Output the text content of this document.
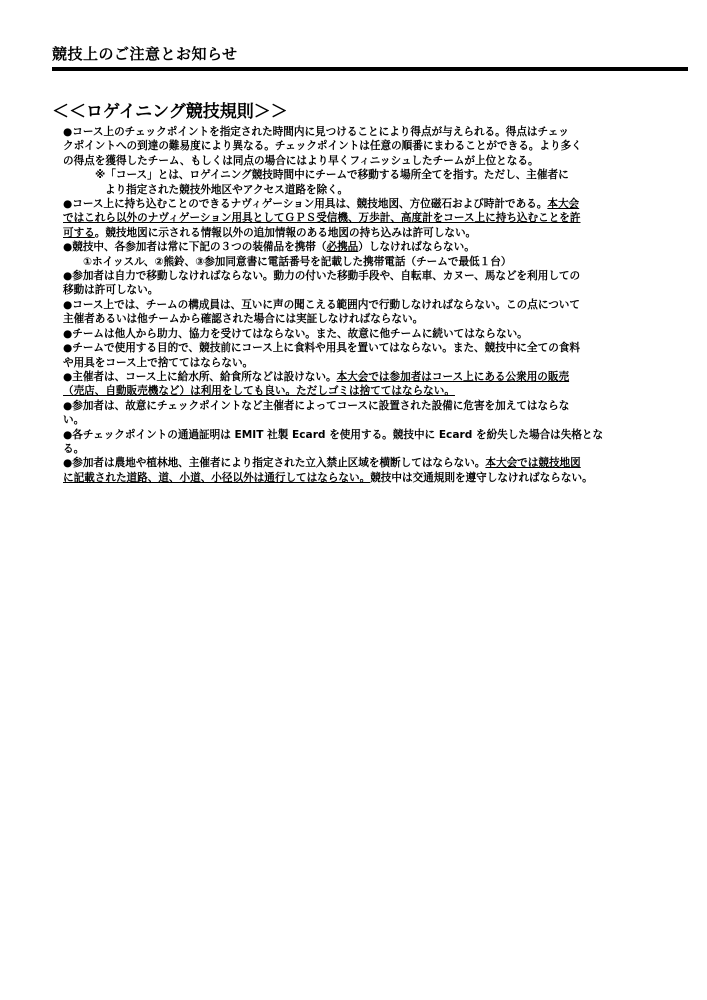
競技上のご注意とお知らせ
＜＜ロゲイニング競技規則＞＞
●コース上のチェックポイントを指定された時間内に見つけることにより得点が与えられる。得点はチェッ
クポイントへの到達の難易度により異なる。チェックポイントは任意の順番にまわることができる。より多く
の得点を獲得したチーム、もしくは同点の場合にはより早くフィニッシュしたチームが上位となる。
※「コース」とは、ロゲイニング競技時間中にチームで移動する場所全てを指す。ただし、主催者に
より指定された競技外地区やアクセス道路を除く。
●コース上に持ち込むことのできるナヴィゲーション用具は、競技地図、方位磁石および時計である。本大会
ではこれら以外のナヴィゲーション用具としてＧＰＳ受信機、万歩計、高度計をコース上に持ち込むことを許
可する。競技地図に示される情報以外の追加情報のある地図の持ち込みは許可しない。
●競技中、各参加者は常に下記の３つの装備品を携帯（必携品）しなければならない。
①ホイッスル、②熊鈴、③参加同意書に電話番号を記載した携帯電話（チームで最低１台）
●参加者は自力で移動しなければならない。動力の付いた移動手段や、自転車、カヌー、馬などを利用しての
移動は許可しない。
●コース上では、チームの構成員は、互いに声の聞こえる範囲内で行動しなければならない。この点について
主催者あるいは他チームから確認された場合には実証しなければならない。
●チームは他人から助力、協力を受けてはならない。また、故意に他チームに続いてはならない。
●チームで使用する目的で、競技前にコース上に食料や用具を置いてはならない。また、競技中に全ての食料
や用具をコース上で捨ててはならない。
●主催者は、コース上に給水所、給食所などは設けない。本大会では参加者はコース上にある公衆用の販売
（売店、自動販売機など）は利用をしても良い。ただしゴミは捨ててはならない。
●参加者は、故意にチェックポイントなど主催者によってコースに設置された設備に危害を加えてはならな
い。
●各チェックポイントの通過証明は EMIT 社製 Ecard を使用する。競技中に Ecard を紛失した場合は失格とな
る。
●参加者は農地や植林地、主催者により指定された立入禁止区域を横断してはならない。本大会では競技地図
に記載された道路、道、小道、小径以外は通行してはならない。競技中は交通規則を遵守しなければならない。
